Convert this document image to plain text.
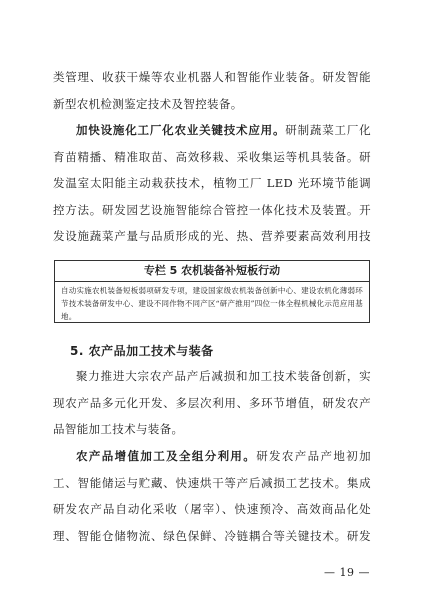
类管理、收获干燥等农业机器人和智能作业装备。研发智能新型农机检测鉴定技术及智控装备。
加快设施化工厂化农业关键技术应用。研制蔬菜工厂化育苗精播、精准取苗、高效移栽、采收集运等机具装备。研发温室太阳能主动栽获技术，植物工厂 LED 光环境节能调控方法。研发园艺设施智能综合管控一体化技术及装置。开发设施蔬菜产量与品质形成的光、热、营养要素高效利用技
专栏 5 农机装备补短板行动
自动实施农机装备短板弱项研发专项，建设国家级农机装备创新中心、建设农机化薄弱环节技术装备研发中心、建设不同作物不同产区“研产推用”四位一体全程机械化示范应用基地。
5. 农产品加工技术与装备
聚力推进大宗农产品产后减损和加工技术装备创新，实现农产品多元化开发、多层次利用、多环节增值，研发农产品智能加工技术与装备。
农产品增值加工及全组分利用。研发农产品产地初加工、智能储运与贮藏、快速烘干等产后减损工艺技术。集成研发农产品自动化采收（屠宰）、快速预冷、高效商品化处理、智能仓储物流、绿色保鲜、冷链耦合等关键技术。研发
— 19 —
